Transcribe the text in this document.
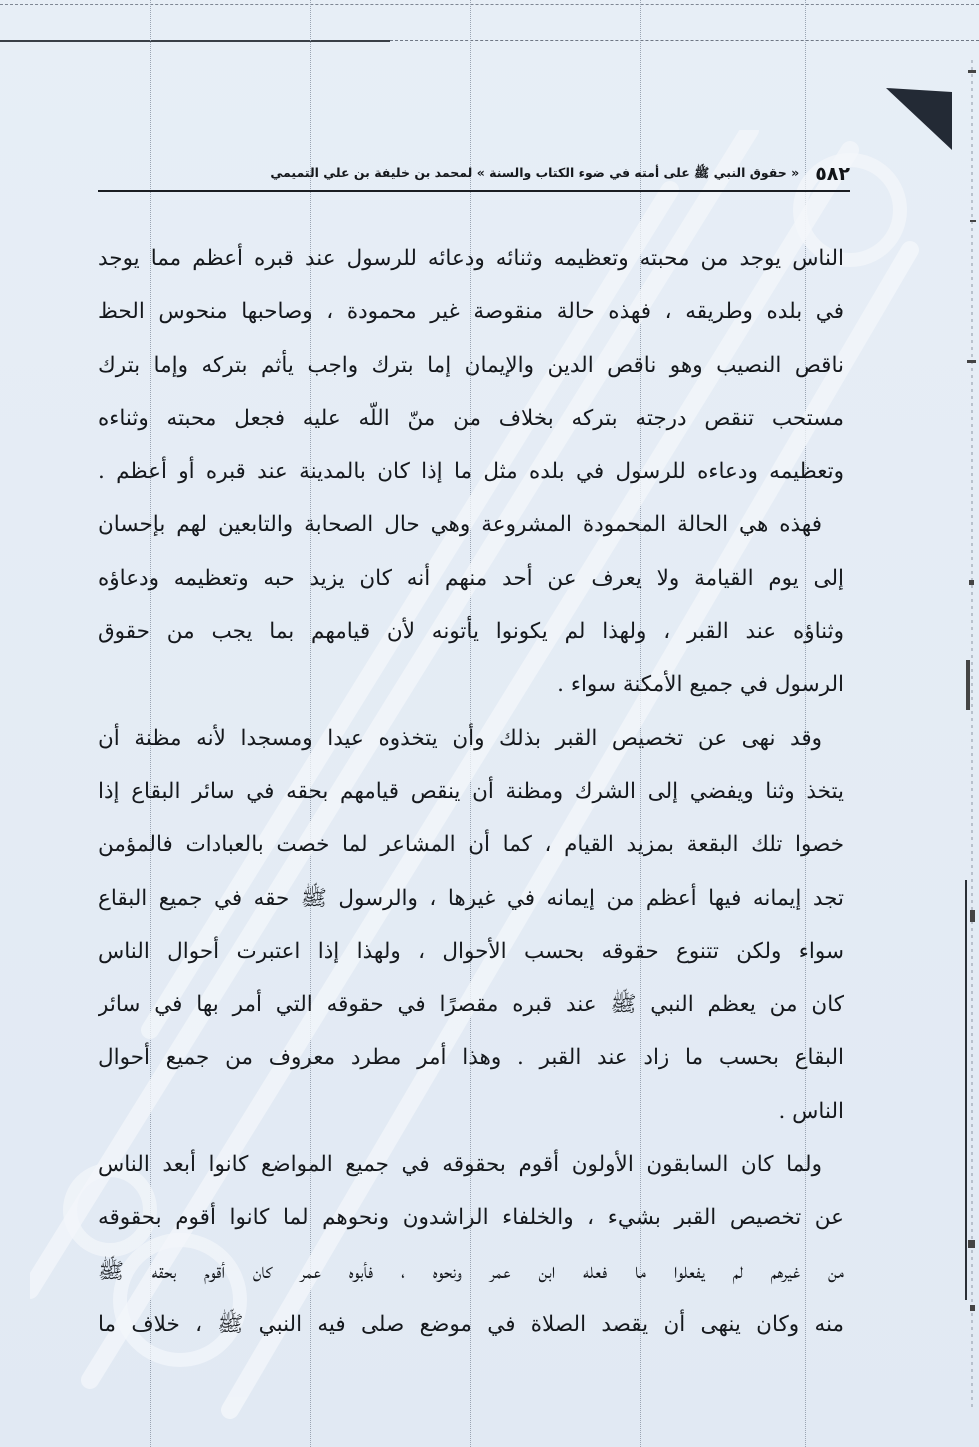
٥٨٢
« حقوق النبي ﷺ على أمته في ضوء الكتاب والسنة » لمحمد بن خليفة بن علي التميمي
الناس يوجد من محبته وتعظيمه وثنائه ودعائه للرسول عند قبره أعظم مما يوجد
في بلده وطريقه ، فهذه حالة منقوصة غير محمودة ، وصاحبها منحوس الحظ
ناقص النصيب وهو ناقص الدين والإيمان إما بترك واجب يأثم بتركه وإما بترك
مستحب تنقص درجته بتركه بخلاف من منّ اللّه عليه فجعل محبته وثناءه
وتعظيمه ودعاءه للرسول في بلده مثل ما إذا كان بالمدينة عند قبره أو أعظم .
فهذه هي الحالة المحمودة المشروعة وهي حال الصحابة والتابعين لهم بإحسان
إلى يوم القيامة ولا يعرف عن أحد منهم أنه كان يزيد حبه وتعظيمه ودعاؤه
وثناؤه عند القبر ، ولهذا لم يكونوا يأتونه لأن قيامهم بما يجب من حقوق
الرسول في جميع الأمكنة سواء .
وقد نهى عن تخصيص القبر بذلك وأن يتخذوه عيدا ومسجدا لأنه مظنة أن
يتخذ وثنا ويفضي إلى الشرك ومظنة أن ينقص قيامهم بحقه في سائر البقاع إذا
خصوا تلك البقعة بمزيد القيام ، كما أن المشاعر لما خصت بالعبادات فالمؤمن
تجد إيمانه فيها أعظم من إيمانه في غيرها ، والرسول ﷺ حقه في جميع البقاع
سواء ولكن تتنوع حقوقه بحسب الأحوال ، ولهذا إذا اعتبرت أحوال الناس
كان من يعظم النبي ﷺ عند قبره مقصرًا في حقوقه التي أمر بها في سائر
البقاع بحسب ما زاد عند القبر . وهذا أمر مطرد معروف من جميع أحوال
الناس .
ولما كان السابقون الأولون أقوم بحقوقه في جميع المواضع كانوا أبعد الناس
عن تخصيص القبر بشيء ، والخلفاء الراشدون ونحوهم لما كانوا أقوم بحقوقه
من غيرهم لم يفعلوا ما فعله ابن عمر ونحوه ، فأبوه عمر كان أقوم بحقه ﷺ
منه وكان ينهى أن يقصد الصلاة في موضع صلى فيه النبي ﷺ ، خلاف ما
